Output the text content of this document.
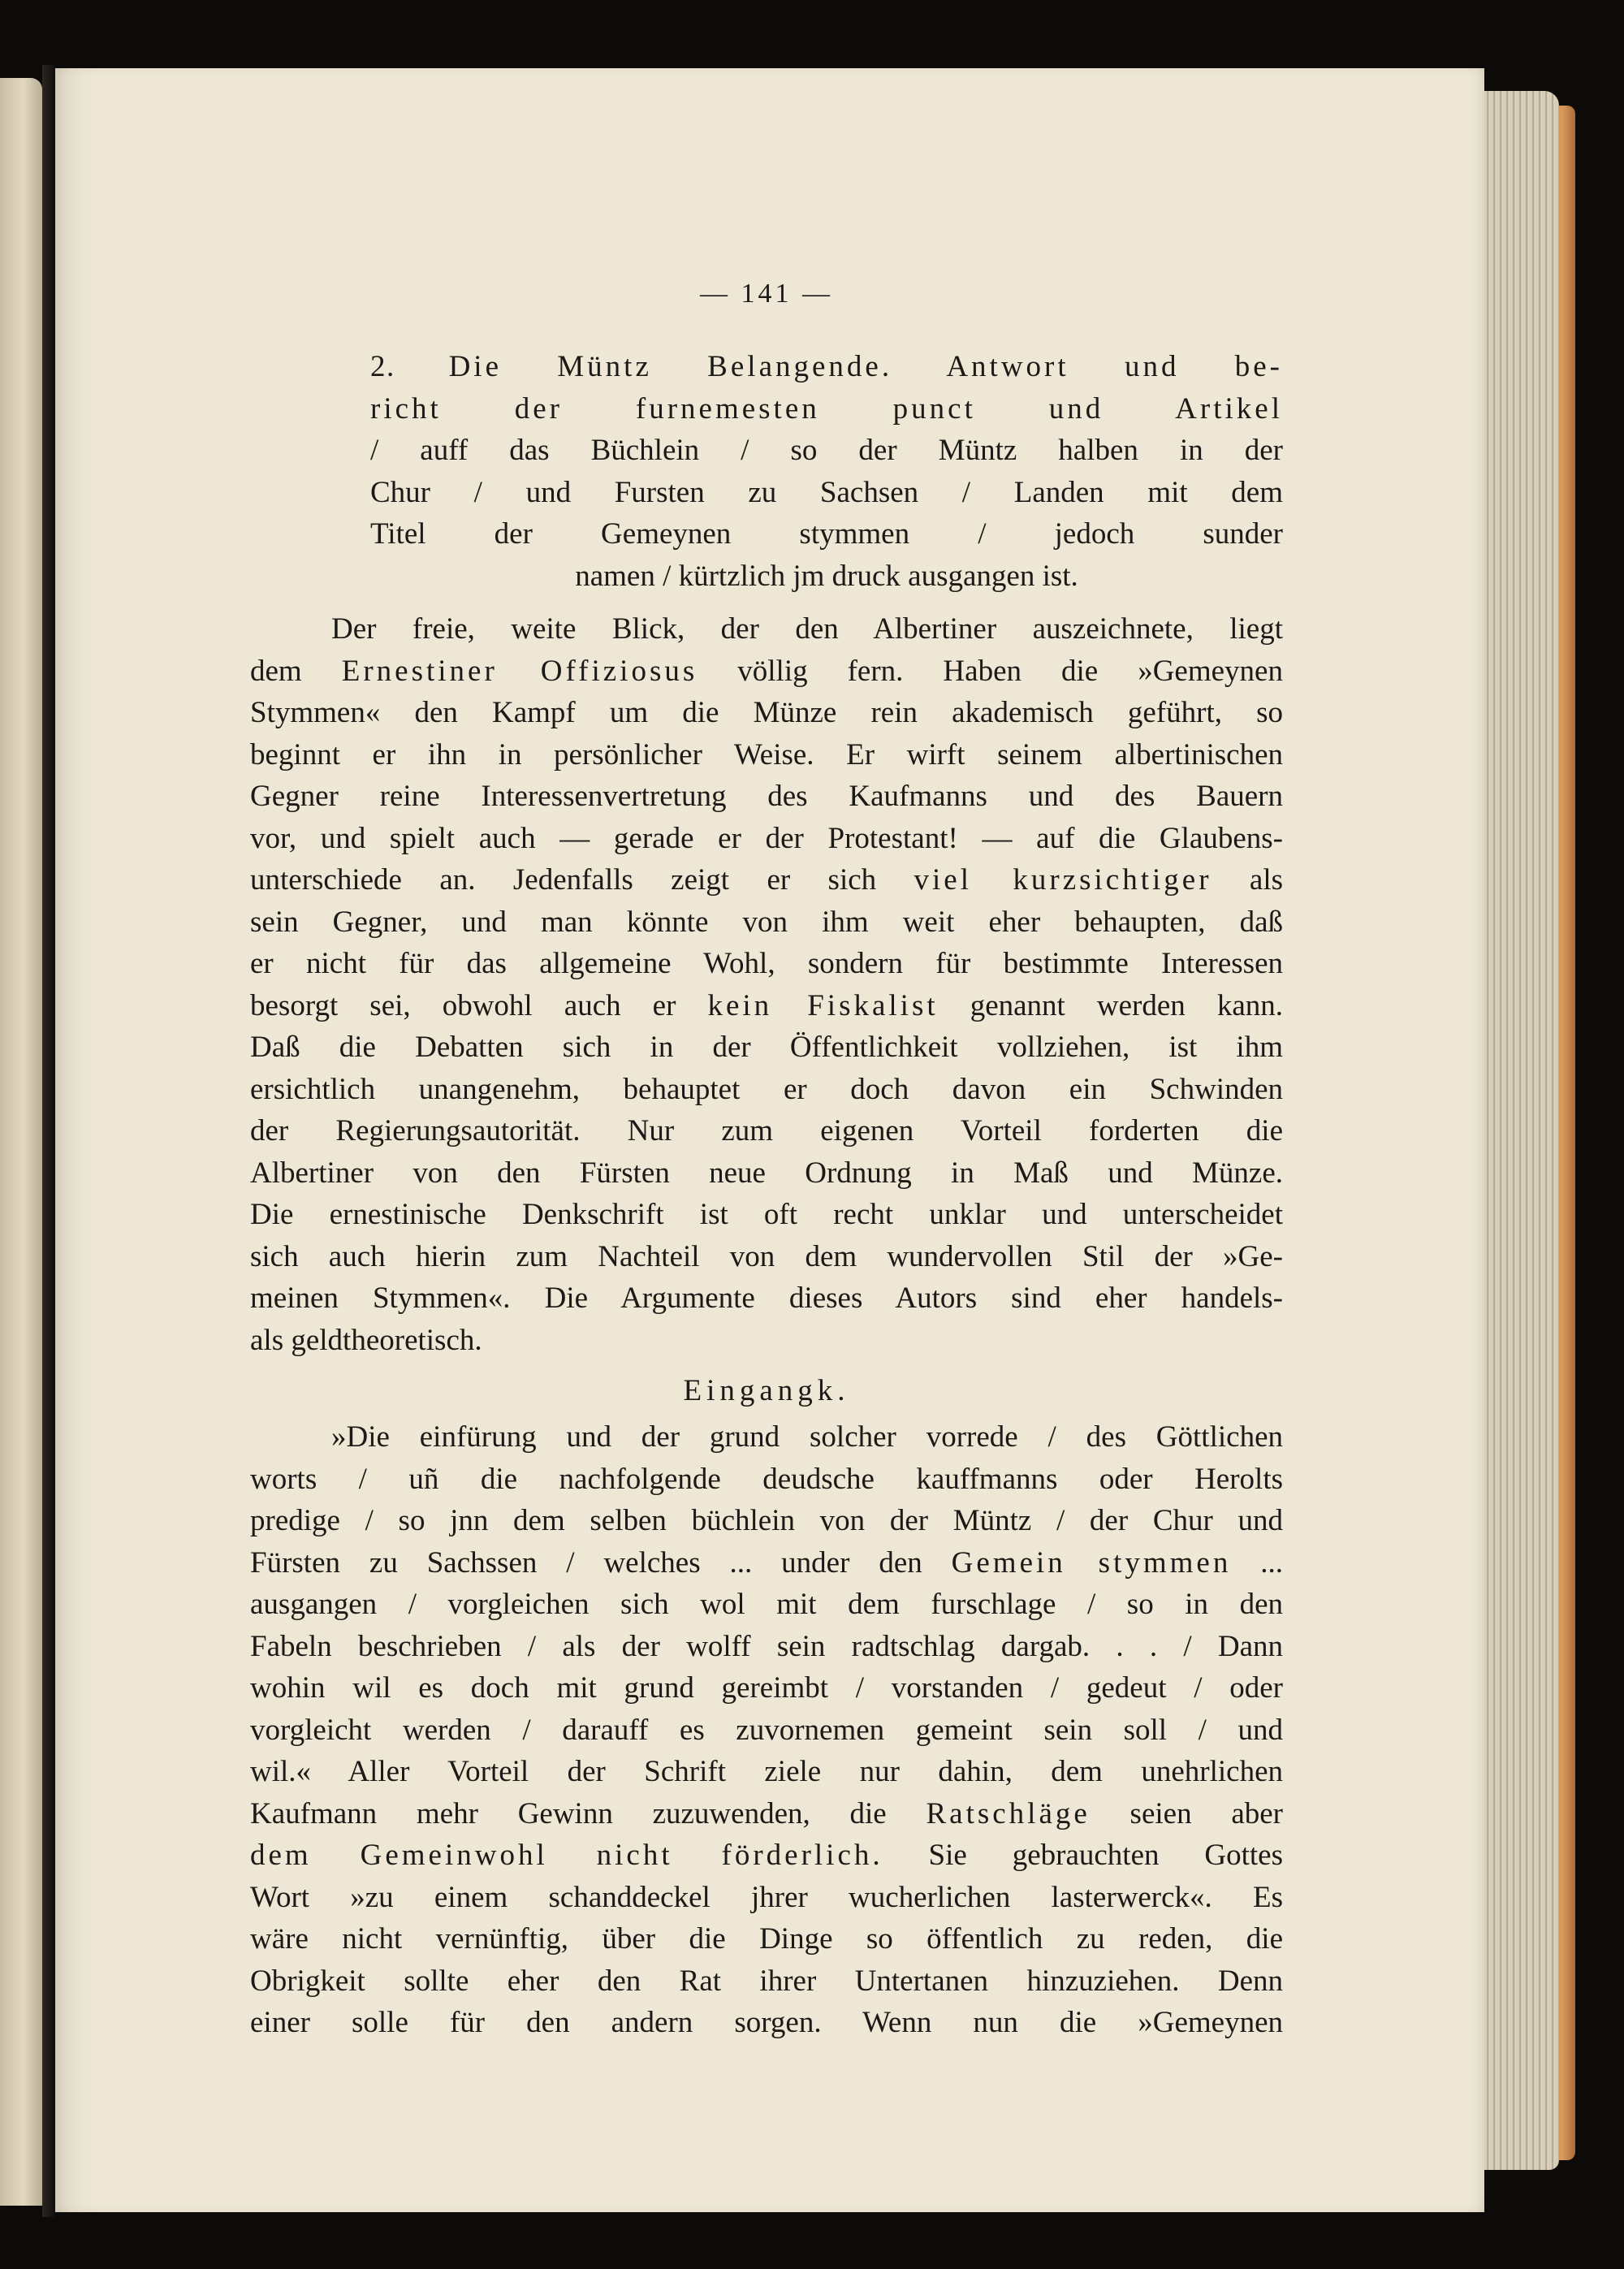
— 141 —
2. Die Müntz Belangende. Antwort und be-
richt der furnemesten punct und Artikel
/ auff das Büchlein / so der Müntz halben in der
Chur / und Fursten zu Sachsen / Landen mit dem
Titel der Gemeynen stymmen / jedoch sunder
namen / kürtzlich jm druck ausgangen ist.
Der freie, weite Blick, der den Albertiner auszeichnete, liegt
dem Ernestiner Offiziosus völlig fern. Haben die »Gemeynen
Stymmen« den Kampf um die Münze rein akademisch geführt, so
beginnt er ihn in persönlicher Weise. Er wirft seinem albertinischen
Gegner reine Interessenvertretung des Kaufmanns und des Bauern
vor, und spielt auch — gerade er der Protestant! — auf die Glaubens-
unterschiede an. Jedenfalls zeigt er sich viel kurzsichtiger als
sein Gegner, und man könnte von ihm weit eher behaupten, daß
er nicht für das allgemeine Wohl, sondern für bestimmte Interessen
besorgt sei, obwohl auch er kein Fiskalist genannt werden kann.
Daß die Debatten sich in der Öffentlichkeit vollziehen, ist ihm
ersichtlich unangenehm, behauptet er doch davon ein Schwinden
der Regierungsautorität. Nur zum eigenen Vorteil forderten die
Albertiner von den Fürsten neue Ordnung in Maß und Münze.
Die ernestinische Denkschrift ist oft recht unklar und unterscheidet
sich auch hierin zum Nachteil von dem wundervollen Stil der »Ge-
meinen Stymmen«. Die Argumente dieses Autors sind eher handels-
als geldtheoretisch.
Eingangk.
»Die einfürung und der grund solcher vorrede / des Göttlichen
worts / uñ die nachfolgende deudsche kauffmanns oder Herolts
predige / so jnn dem selben büchlein von der Müntz / der Chur und
Fürsten zu Sachssen / welches ... under den Gemein stymmen ...
ausgangen / vorgleichen sich wol mit dem furschlage / so in den
Fabeln beschrieben / als der wolff sein radtschlag dargab. . . / Dann
wohin wil es doch mit grund gereimbt / vorstanden / gedeut / oder
vorgleicht werden / darauff es zuvornemen gemeint sein soll / und
wil.« Aller Vorteil der Schrift ziele nur dahin, dem unehrlichen
Kaufmann mehr Gewinn zuzuwenden, die Ratschläge seien aber
dem Gemeinwohl nicht förderlich. Sie gebrauchten Gottes
Wort »zu einem schanddeckel jhrer wucherlichen lasterwerck«. Es
wäre nicht vernünftig, über die Dinge so öffentlich zu reden, die
Obrigkeit sollte eher den Rat ihrer Untertanen hinzuziehen. Denn
einer solle für den andern sorgen. Wenn nun die »Gemeynen
